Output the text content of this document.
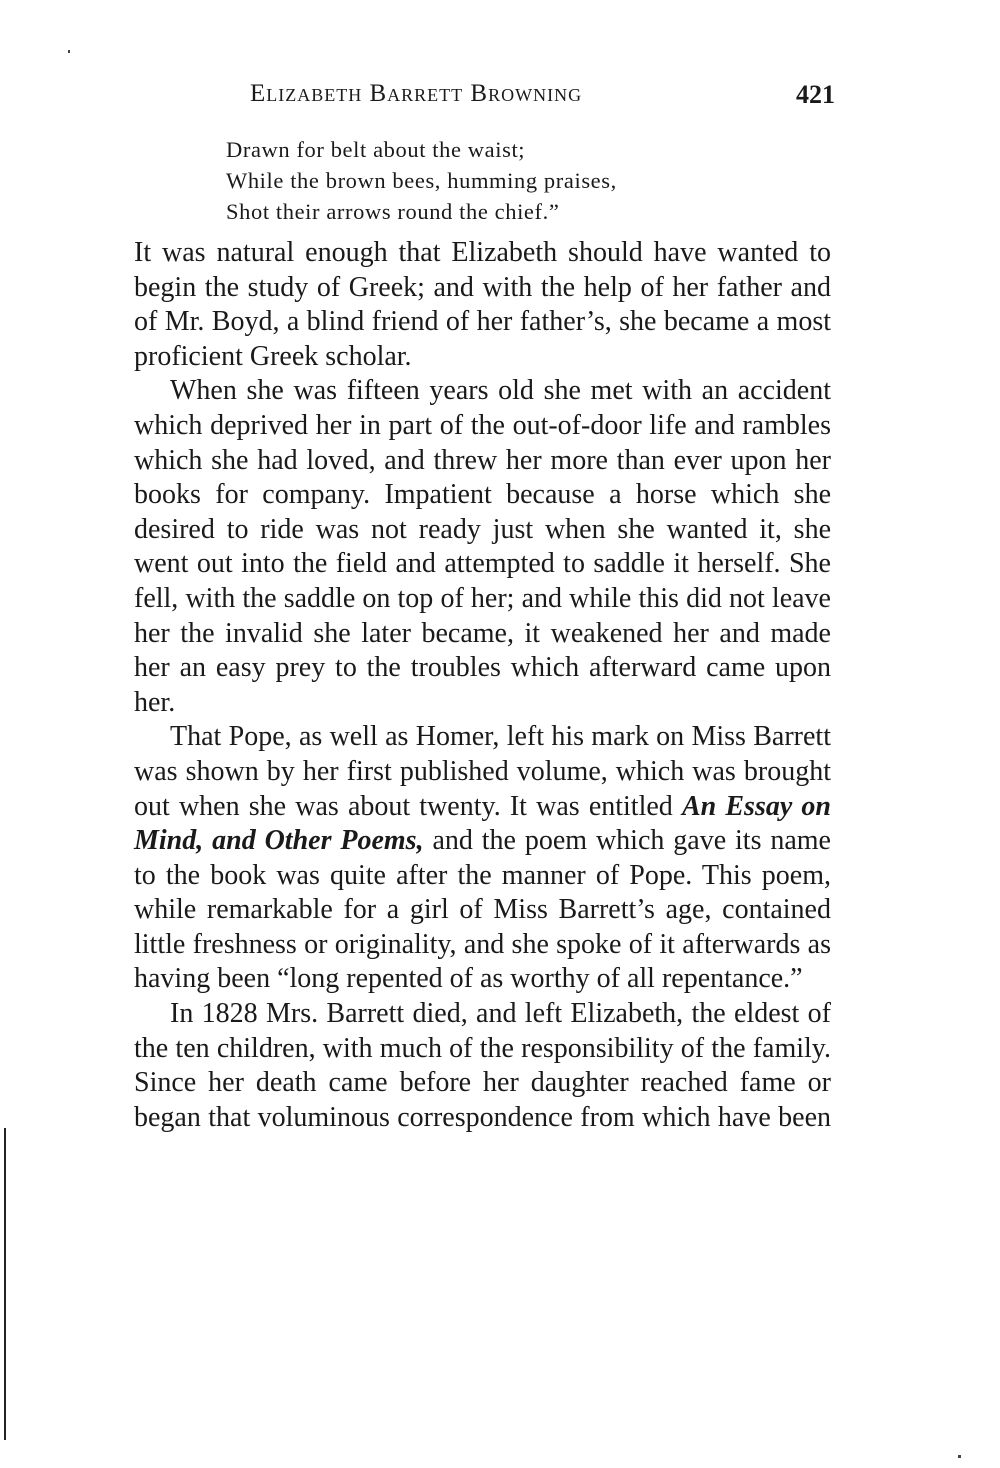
Elizabeth Barrett Browning	421
Drawn for belt about the waist;
While the brown bees, humming praises,
Shot their arrows round the chief.”

It was natural enough that Elizabeth should have wanted to begin the study of Greek; and with the help of her father and of Mr. Boyd, a blind friend of her father’s, she became a most proficient Greek scholar.

When she was fifteen years old she met with an accident which deprived her in part of the out-of-door life and rambles which she had loved, and threw her more than ever upon her books for company. Impatient because a horse which she desired to ride was not ready just when she wanted it, she went out into the field and attempted to saddle it herself. She fell, with the saddle on top of her; and while this did not leave her the invalid she later became, it weakened her and made her an easy prey to the troubles which afterward came upon her.

That Pope, as well as Homer, left his mark on Miss Barrett was shown by her first published volume, which was brought out when she was about twenty. It was entitled An Essay on Mind, and Other Poems, and the poem which gave its name to the book was quite after the manner of Pope. This poem, while remarkable for a girl of Miss Barrett’s age, contained little freshness or originality, and she spoke of it afterwards as having been “long repented of as worthy of all repentance.”

In 1828 Mrs. Barrett died, and left Elizabeth, the eldest of the ten children, with much of the responsibility of the family. Since her death came before her daughter reached fame or began that voluminous correspondence from which have been
